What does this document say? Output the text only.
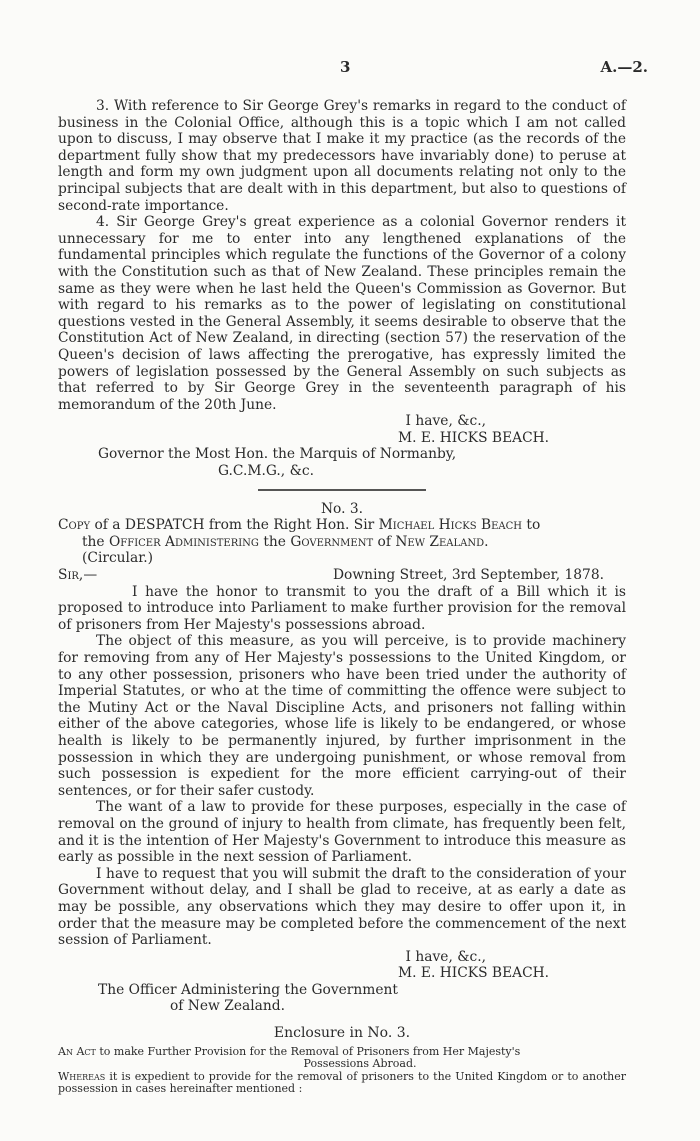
3	A.—2.

3. With reference to Sir George Grey's remarks in regard to the conduct of business in the Colonial Office, although this is a topic which I am not called upon to discuss, I may observe that I make it my practice (as the records of the department fully show that my predecessors have invariably done) to peruse at length and form my own judgment upon all documents relating not only to the principal subjects that are dealt with in this department, but also to questions of second-rate importance.

4. Sir George Grey's great experience as a colonial Governor renders it unnecessary for me to enter into any lengthened explanations of the fundamental principles which regulate the functions of the Governor of a colony with the Constitution such as that of New Zealand. These principles remain the same as they were when he last held the Queen's Commission as Governor. But with regard to his remarks as to the power of legislating on constitutional questions vested in the General Assembly, it seems desirable to observe that the Constitution Act of New Zealand, in directing (section 57) the reservation of the Queen's decision of laws affecting the prerogative, has expressly limited the powers of legislation possessed by the General Assembly on such subjects as that referred to by Sir George Grey in the seventeenth paragraph of his memorandum of the 20th June.

I have, &c.,

M. E. HICKS BEACH.

Governor the Most Hon. the Marquis of Normanby,

G.C.M.G., &c.

No. 3.

Copy of a DESPATCH from the Right Hon. Sir Michael Hicks Beach to

the Officer Administering the Government of New Zealand.

(Circular.)

Sir,—	Downing Street, 3rd September, 1878.

I have the honor to transmit to you the draft of a Bill which it is proposed to introduce into Parliament to make further provision for the removal of prisoners from Her Majesty's possessions abroad.

The object of this measure, as you will perceive, is to provide machinery for removing from any of Her Majesty's possessions to the United Kingdom, or to any other possession, prisoners who have been tried under the authority of Imperial Statutes, or who at the time of committing the offence were subject to the Mutiny Act or the Naval Discipline Acts, and prisoners not falling within either of the above categories, whose life is likely to be endangered, or whose health is likely to be permanently injured, by further imprisonment in the possession in which they are undergoing punishment, or whose removal from such possession is expedient for the more efficient carrying-out of their sentences, or for their safer custody.

The want of a law to provide for these purposes, especially in the case of removal on the ground of injury to health from climate, has frequently been felt, and it is the intention of Her Majesty's Government to introduce this measure as early as possible in the next session of Parliament.

I have to request that you will submit the draft to the consideration of your Government without delay, and I shall be glad to receive, at as early a date as may be possible, any observations which they may desire to offer upon it, in order that the measure may be completed before the commencement of the next session of Parliament.

I have, &c.,

M. E. HICKS BEACH.

The Officer Administering the Government

of New Zealand.

Enclosure in No. 3.

An Act to make Further Provision for the Removal of Prisoners from Her Majesty's

Possessions Abroad.

Whereas it is expedient to provide for the removal of prisoners to the United Kingdom or to another possession in cases hereinafter mentioned :
